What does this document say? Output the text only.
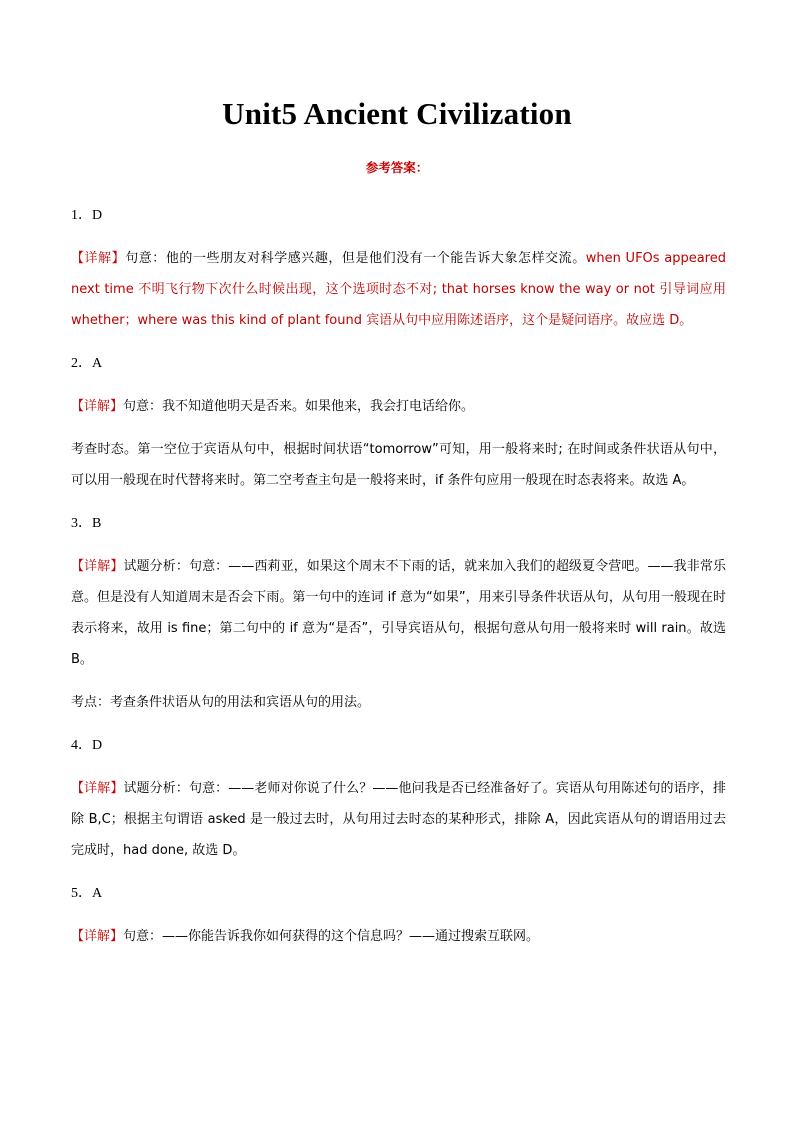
Unit5 Ancient Civilization
参考答案：

1．D

【详解】句意：他的一些朋友对科学感兴趣，但是他们没有一个能告诉大象怎样交流。when UFOs appeared next time 不明飞行物下次什么时候出现，这个选项时态不对; that horses know the way or not 引导词应用 whether；where was this kind of plant found 宾语从句中应用陈述语序，这个是疑问语序。故应选 D。

2．A

【详解】句意：我不知道他明天是否来。如果他来，我会打电话给你。

考查时态。第一空位于宾语从句中，根据时间状语“tomorrow”可知，用一般将来时; 在时间或条件状语从句中，可以用一般现在时代替将来时。第二空考查主句是一般将来时，if 条件句应用一般现在时态表将来。故选 A。

3．B

【详解】试题分析：句意：——西莉亚，如果这个周末不下雨的话，就来加入我们的超级夏令营吧。——我非常乐意。但是没有人知道周末是否会下雨。第一句中的连词 if 意为“如果”，用来引导条件状语从句，从句用一般现在时表示将来，故用 is fine；第二句中的 if 意为“是否”，引导宾语从句，根据句意从句用一般将来时 will rain。故选 B。

考点：考查条件状语从句的用法和宾语从句的用法。

4．D

【详解】试题分析：句意：——老师对你说了什么？——他问我是否已经准备好了。宾语从句用陈述句的语序，排除 B,C；根据主句谓语 asked 是一般过去时，从句用过去时态的某种形式，排除 A，因此宾语从句的谓语用过去完成时，had done, 故选 D。

5．A

【详解】句意：——你能告诉我你如何获得的这个信息吗？——通过搜索互联网。
